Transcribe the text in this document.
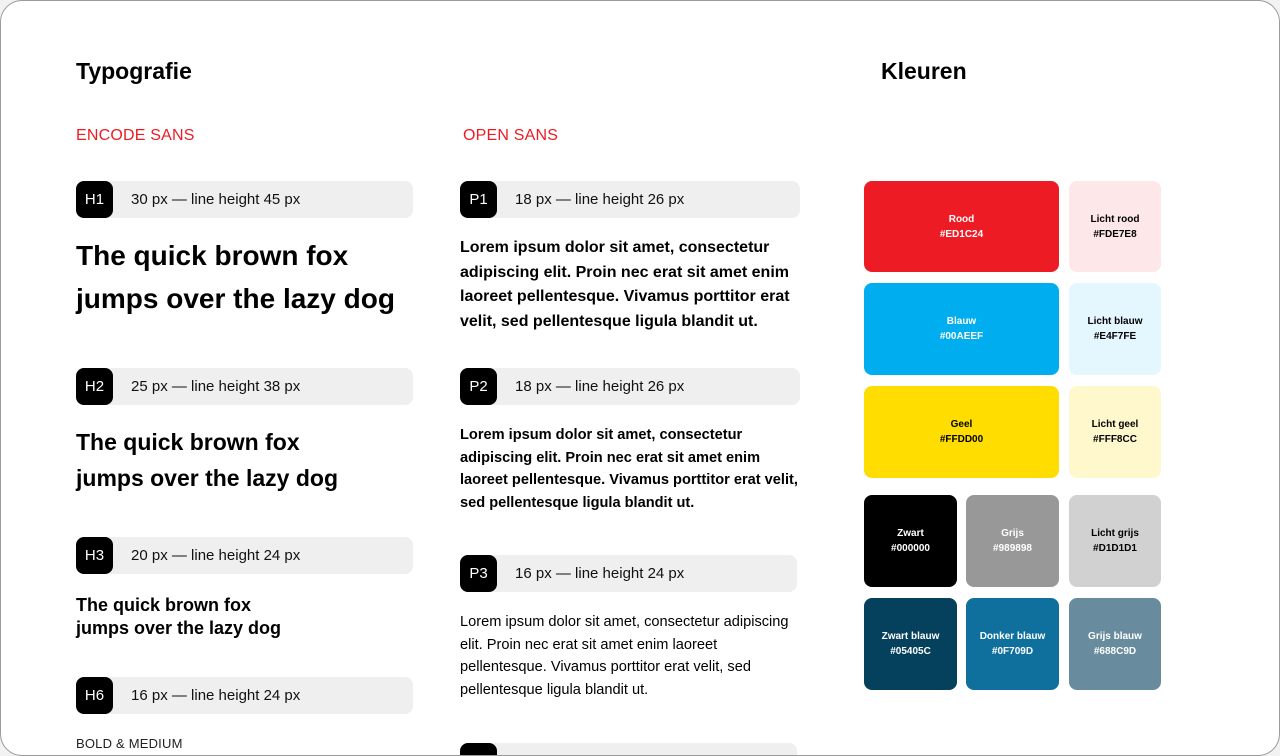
Typografie
ENCODE SANS	OPEN SANS
H1	30 px — line height 45 px

The quick brown fox
jumps over the lazy dog

H2	25 px — line height 38 px

The quick brown fox
jumps over the lazy dog

H3	20 px — line height 24 px

The quick brown fox
jumps over the lazy dog

H6	16 px — line height 24 px
BOLD & MEDIUM
P1	18 px — line height 26 px

Lorem ipsum dolor sit amet, consectetur adipiscing elit. Proin nec erat sit amet enim laoreet pellentesque. Vivamus porttitor erat velit, sed pellentesque ligula blandit ut.

P2	18 px — line height 26 px

Lorem ipsum dolor sit amet, consectetur adipiscing elit. Proin nec erat sit amet enim laoreet pellentesque. Vivamus porttitor erat velit, sed pellentesque ligula blandit ut.

P3	16 px — line height 24 px

Lorem ipsum dolor sit amet, consectetur adipiscing elit. Proin nec erat sit amet enim laoreet pellentesque. Vivamus porttitor erat velit, sed pellentesque ligula blandit ut.

Kleuren
Rood
#ED1C24
Licht rood
#FDE7E8
Blauw
#00AEEF
Licht blauw
#E4F7FE
Geel
#FFDD00
Licht geel
#FFF8CC
Zwart
#000000
Grijs
#989898
Licht grijs
#D1D1D1
Zwart blauw
#05405C
Donker blauw
#0F709D
Grijs blauw
#688C9D
